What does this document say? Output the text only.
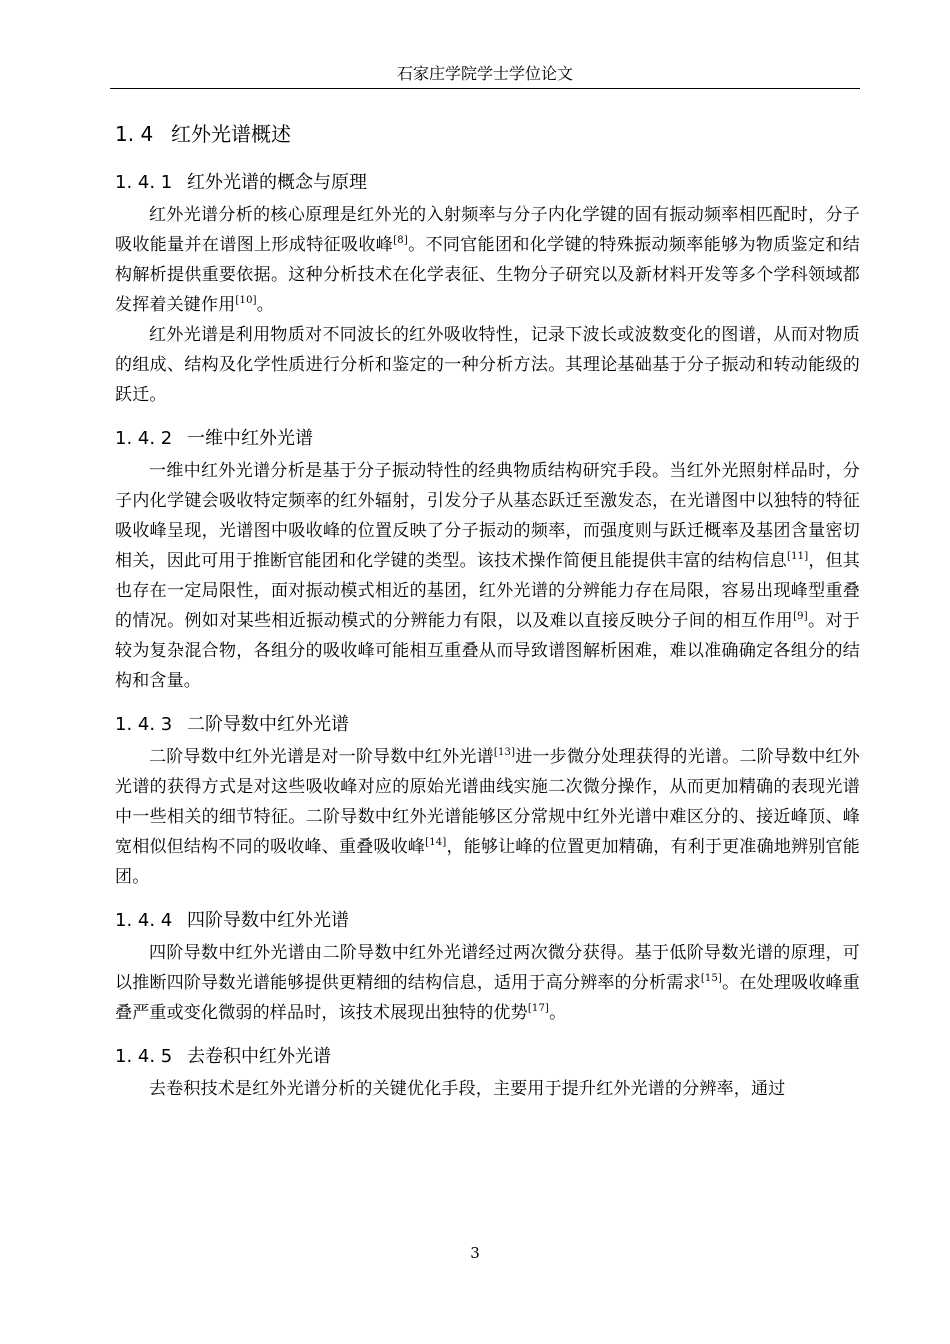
石家庄学院学士学位论文
1. 4 红外光谱概述
1. 4. 1 红外光谱的概念与原理

红外光谱分析的核心原理是红外光的入射频率与分子内化学键的固有振动频率相匹配时，分子吸收能量并在谱图上形成特征吸收峰[8]。不同官能团和化学键的特殊振动频率能够为物质鉴定和结构解析提供重要依据。这种分析技术在化学表征、生物分子研究以及新材料开发等多个学科领域都发挥着关键作用[10]。

红外光谱是利用物质对不同波长的红外吸收特性，记录下波长或波数变化的图谱，从而对物质的组成、结构及化学性质进行分析和鉴定的一种分析方法。其理论基础基于分子振动和转动能级的跃迁。

1. 4. 2 一维中红外光谱

一维中红外光谱分析是基于分子振动特性的经典物质结构研究手段。当红外光照射样品时，分子内化学键会吸收特定频率的红外辐射，引发分子从基态跃迁至激发态，在光谱图中以独特的特征吸收峰呈现，光谱图中吸收峰的位置反映了分子振动的频率，而强度则与跃迁概率及基团含量密切相关，因此可用于推断官能团和化学键的类型。该技术操作简便且能提供丰富的结构信息[11]，但其也存在一定局限性，面对振动模式相近的基团，红外光谱的分辨能力存在局限，容易出现峰型重叠的情况。例如对某些相近振动模式的分辨能力有限，以及难以直接反映分子间的相互作用[9]。对于较为复杂混合物，各组分的吸收峰可能相互重叠从而导致谱图解析困难，难以准确确定各组分的结构和含量。

1. 4. 3 二阶导数中红外光谱

二阶导数中红外光谱是对一阶导数中红外光谱[13]进一步微分处理获得的光谱。二阶导数中红外光谱的获得方式是对这些吸收峰对应的原始光谱曲线实施二次微分操作，从而更加精确的表现光谱中一些相关的细节特征。二阶导数中红外光谱能够区分常规中红外光谱中难区分的、接近峰顶、峰宽相似但结构不同的吸收峰、重叠吸收峰[14]，能够让峰的位置更加精确，有利于更准确地辨别官能团。

1. 4. 4 四阶导数中红外光谱

四阶导数中红外光谱由二阶导数中红外光谱经过两次微分获得。基于低阶导数光谱的原理，可以推断四阶导数光谱能够提供更精细的结构信息，适用于高分辨率的分析需求[15]。在处理吸收峰重叠严重或变化微弱的样品时，该技术展现出独特的优势[17]。

1. 4. 5 去卷积中红外光谱

去卷积技术是红外光谱分析的关键优化手段，主要用于提升红外光谱的分辨率，通过

3
